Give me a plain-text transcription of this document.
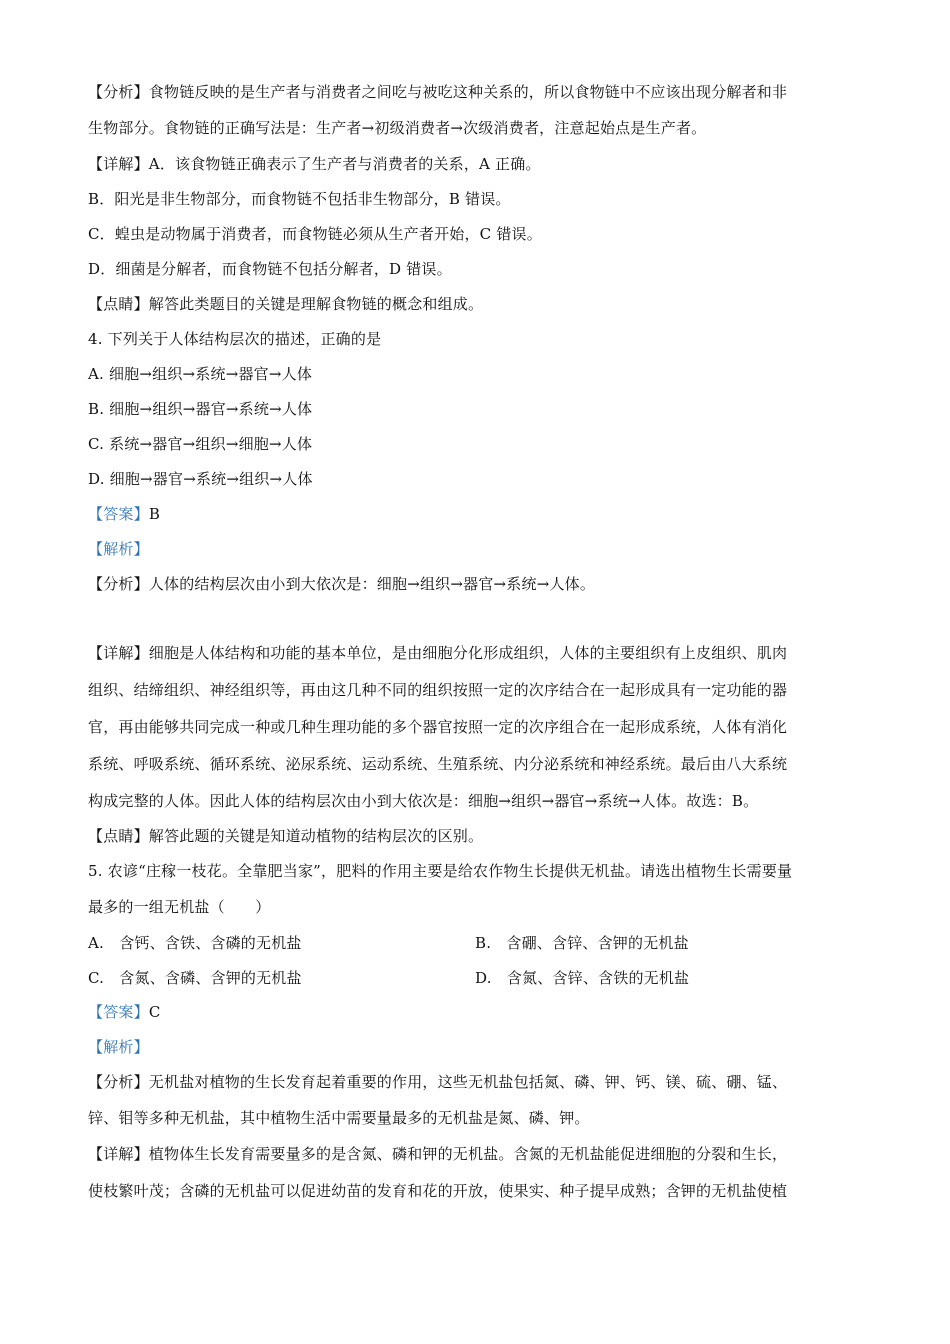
【分析】食物链反映的是生产者与消费者之间吃与被吃这种关系的，所以食物链中不应该出现分解者和非
生物部分。食物链的正确写法是：生产者→初级消费者→次级消费者，注意起始点是生产者。
【详解】A．该食物链正确表示了生产者与消费者的关系，A 正确。
B．阳光是非生物部分，而食物链不包括非生物部分，B 错误。
C．蝗虫是动物属于消费者，而食物链必须从生产者开始，C 错误。
D．细菌是分解者，而食物链不包括分解者，D 错误。
【点睛】解答此类题目的关键是理解食物链的概念和组成。
4. 下列关于人体结构层次的描述，正确的是
A. 细胞→组织→系统→器官→人体
B. 细胞→组织→器官→系统→人体
C. 系统→器官→组织→细胞→人体
D. 细胞→器官→系统→组织→人体
【答案】B
【解析】
【分析】人体的结构层次由小到大依次是：细胞→组织→器官→系统→人体。
【详解】细胞是人体结构和功能的基本单位，是由细胞分化形成组织，人体的主要组织有上皮组织、肌肉
组织、结缔组织、神经组织等，再由这几种不同的组织按照一定的次序结合在一起形成具有一定功能的器
官，再由能够共同完成一种或几种生理功能的多个器官按照一定的次序组合在一起形成系统，人体有消化
系统、呼吸系统、循环系统、泌尿系统、运动系统、生殖系统、内分泌系统和神经系统。最后由八大系统
构成完整的人体。因此人体的结构层次由小到大依次是：细胞→组织→器官→系统→人体。故选：B。
【点睛】解答此题的关键是知道动植物的结构层次的区别。
5. 农谚“庄稼一枝花。全靠肥当家”，肥料的作用主要是给农作物生长提供无机盐。请选出植物生长需要量
最多的一组无机盐（　　）
A.　含钙、含铁、含磷的无机盐	B.　含硼、含锌、含钾的无机盐
C.　含氮、含磷、含钾的无机盐	D.　含氮、含锌、含铁的无机盐
【答案】C
【解析】
【分析】无机盐对植物的生长发育起着重要的作用，这些无机盐包括氮、磷、钾、钙、镁、硫、硼、锰、
锌、钼等多种无机盐，其中植物生活中需要量最多的无机盐是氮、磷、钾。
【详解】植物体生长发育需要量多的是含氮、磷和钾的无机盐。含氮的无机盐能促进细胞的分裂和生长，
使枝繁叶茂；含磷的无机盐可以促进幼苗的发育和花的开放，使果实、种子提早成熟；含钾的无机盐使植
